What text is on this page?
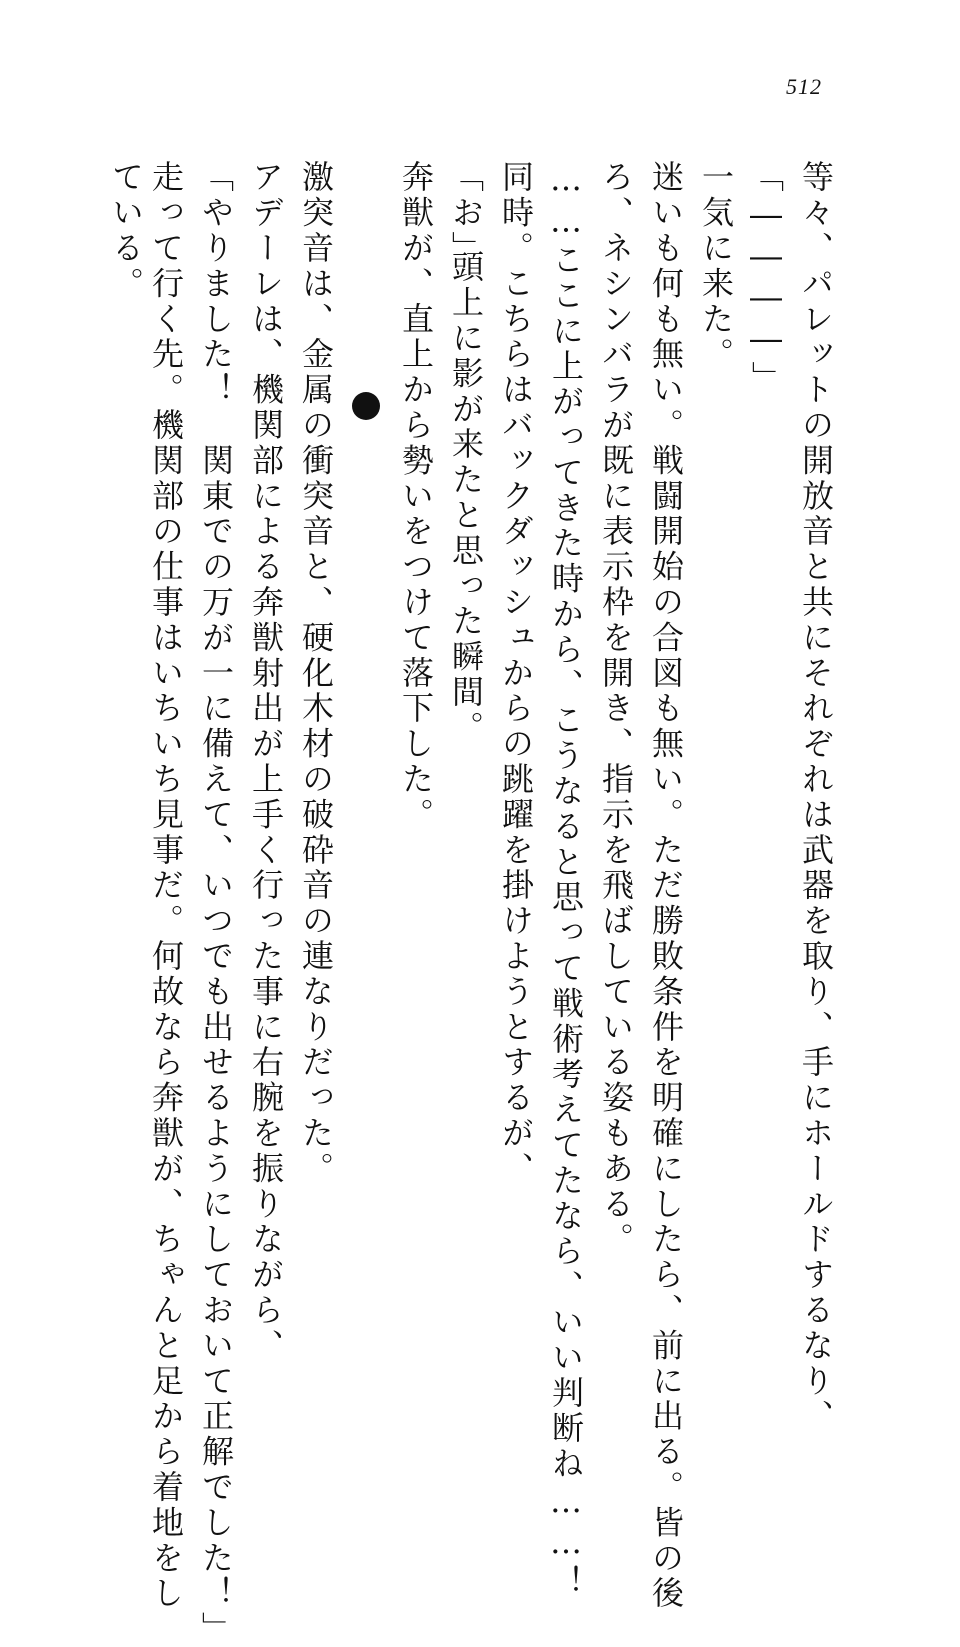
512
等々、パレットの開放音と共にそれぞれは武器を取り、手にホールドするなり、
「――――」
一気に来た。
迷いも何も無い。戦闘開始の合図も無い。ただ勝敗条件を明確にしたら、前に出る。皆の後
ろ、ネシンバラが既に表示枠を開き、指示を飛ばしている姿もある。
……ここに上がってきた時から、こうなると思って戦術考えてたなら、いい判断ね……！
同時。こちらはバックダッシュからの跳躍を掛けようとするが、
「お」
頭上に影が来たと思った瞬間。
奔獣が、直上から勢いをつけて落下した。
激突音は、金属の衝突音と、硬化木材の破砕音の連なりだった。
アデーレは、機関部による奔獣射出が上手く行った事に右腕を振りながら、
「やりました！　関東での万が一に備えて、いつでも出せるようにしておいて正解でした！」
走って行く先。機関部の仕事はいちいち見事だ。何故なら奔獣が、ちゃんと足から着地をし
ている。
